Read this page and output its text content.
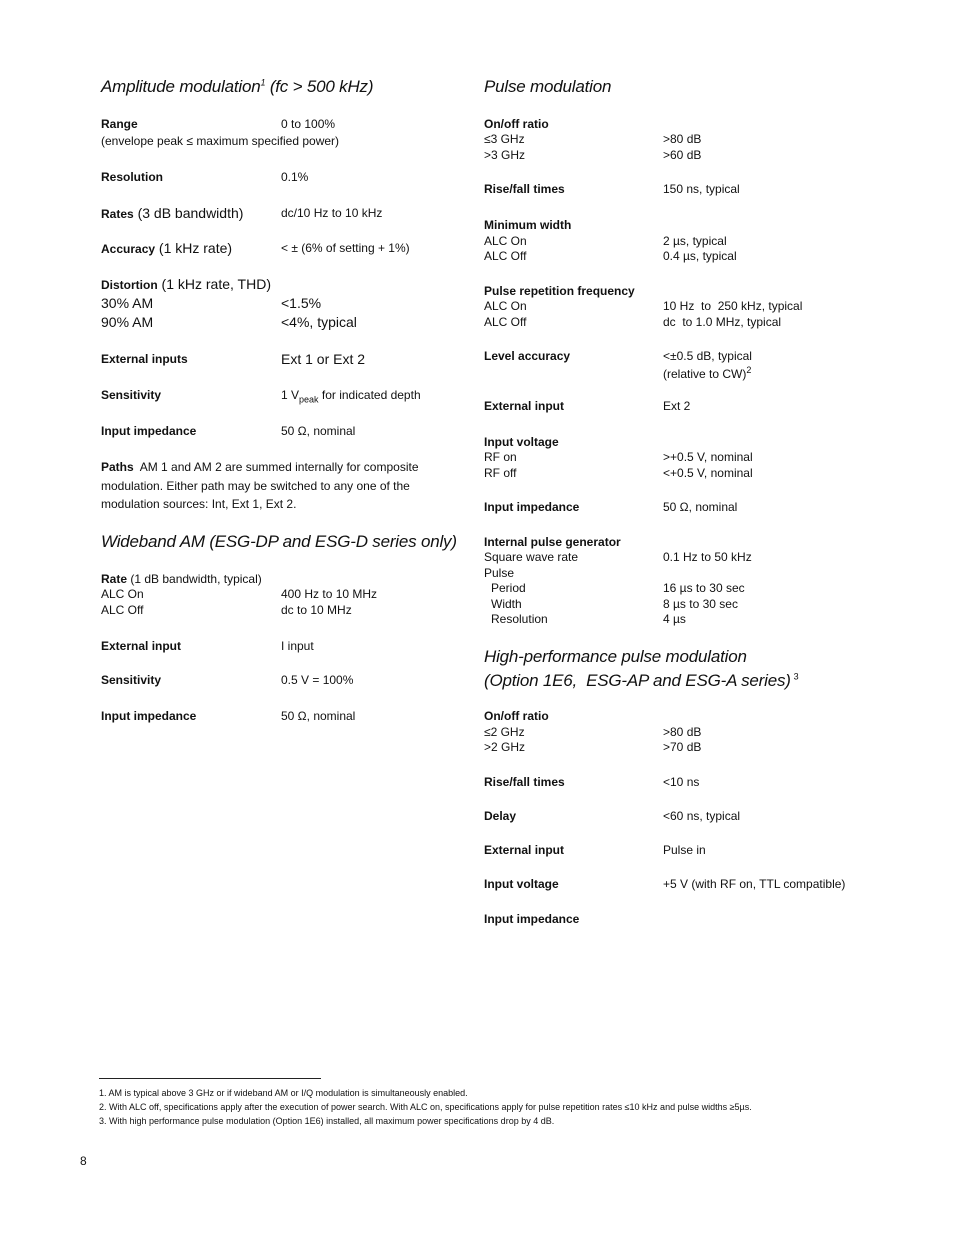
Amplitude modulation$^1$ (fc > 500 kHz)
Range	0 to 100%
(envelope peak ≤ maximum specified power)
Resolution	0.1%
Rates (3 dB bandwidth)	dc/10 Hz to 10 kHz
Accuracy (1 kHz rate)	< ± (6% of setting + 1%)
Distortion (1 kHz rate, THD)
30% AM	<1.5%
90% AM	<4%, typical
External inputs	Ext 1 or Ext 2
Sensitivity	1 $V_{peak}$ for indicated depth
Input impedance	50 Ω, nominal
Paths AM 1 and AM 2 are summed internally for composite modulation. Either path may be switched to any one of the modulation sources: Int, Ext 1, Ext 2.
Wideband AM (ESG-DP and ESG-D series only)
Rate (1 dB bandwidth, typical)
ALC On	400 Hz to 10 MHz
ALC Off	dc to 10 MHz
External input	I input
Sensitivity	0.5 V = 100%
Input impedance	50 Ω, nominal
Pulse modulation
On/off ratio
≤3 GHz	>80 dB
>3 GHz	>60 dB
Rise/fall times	150 ns, typical
Minimum width
ALC On	2 µs, typical
ALC Off	0.4 µs, typical
Pulse repetition frequency
ALC On	10 Hz  to  250 kHz, typical
ALC Off	dc  to 1.0 MHz, typical
Level accuracy	<±0.5 dB, typical
(relative to CW)$^2$
External input	Ext 2
Input voltage
RF on	>+0.5 V, nominal
RF off	<+0.5 V, nominal
Input impedance	50 Ω, nominal
Internal pulse generator
Square wave rate	0.1 Hz to 50 kHz
Pulse
Period	16 µs to 30 sec
Width	8 µs to 30 sec
Resolution	4 µs
High-performance pulse modulation
(Option 1E6,  ESG-AP and ESG-A series) $^3$
On/off ratio
≤2 GHz	>80 dB
>2 GHz	>70 dB
Rise/fall times	<10 ns
Delay	<60 ns, typical
External input	Pulse in
Input voltage	+5 V (with RF on, TTL compatible)
Input impedance
1. AM is typical above 3 GHz or if wideband AM or I/Q modulation is simultaneously enabled.
2. With ALC off, specifications apply after the execution of power search. With ALC on, specifications apply for pulse repetition rates ≤10 kHz and pulse widths ≥5µs.
3. With high performance pulse modulation (Option 1E6) installed, all maximum power specifications drop by 4 dB.
8
